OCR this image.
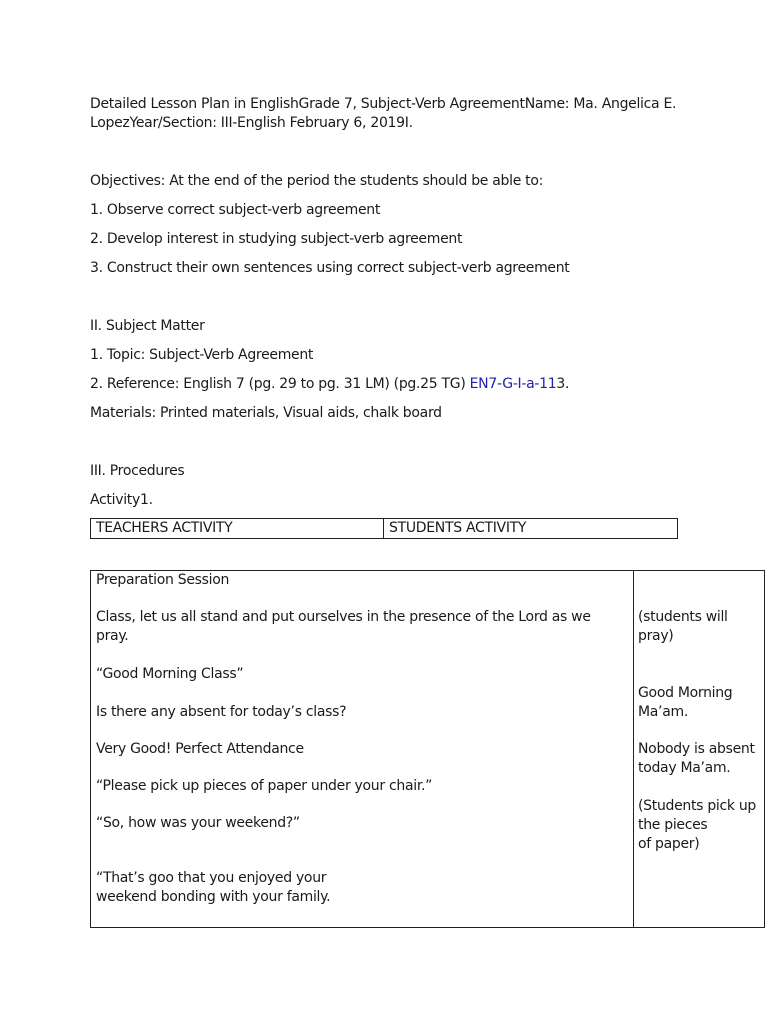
Detailed Lesson Plan in EnglishGrade 7, Subject-Verb AgreementName: Ma. Angelica E.

LopezYear/Section: III-English February 6, 2019I.

Objectives: At the end of the period the students should be able to:

1. Observe correct subject-verb agreement

2. Develop interest in studying subject-verb agreement

3. Construct their own sentences using correct subject-verb agreement

II. Subject Matter

1. Topic: Subject-Verb Agreement

2. Reference: English 7 (pg. 29 to pg. 31 LM) (pg.25 TG) EN7-G-I-a-113.

Materials: Printed materials, Visual aids, chalk board

III. Procedures

Activity1.

TEACHERS ACTIVITY	STUDENTS ACTIVITY
Preparation Session
Class, let us all stand and put ourselves in the presence of the Lord as we
pray.
“Good Morning Class”
Is there any absent for today’s class?
Very Good! Perfect Attendance
“Please pick up pieces of paper under your chair.”
“So, how was your weekend?”
“That’s goo that you enjoyed your
weekend bonding with your family.
(students will
pray)
Good Morning
Ma’am.
Nobody is absent
today Ma’am.
(Students pick up
the pieces
of paper)
